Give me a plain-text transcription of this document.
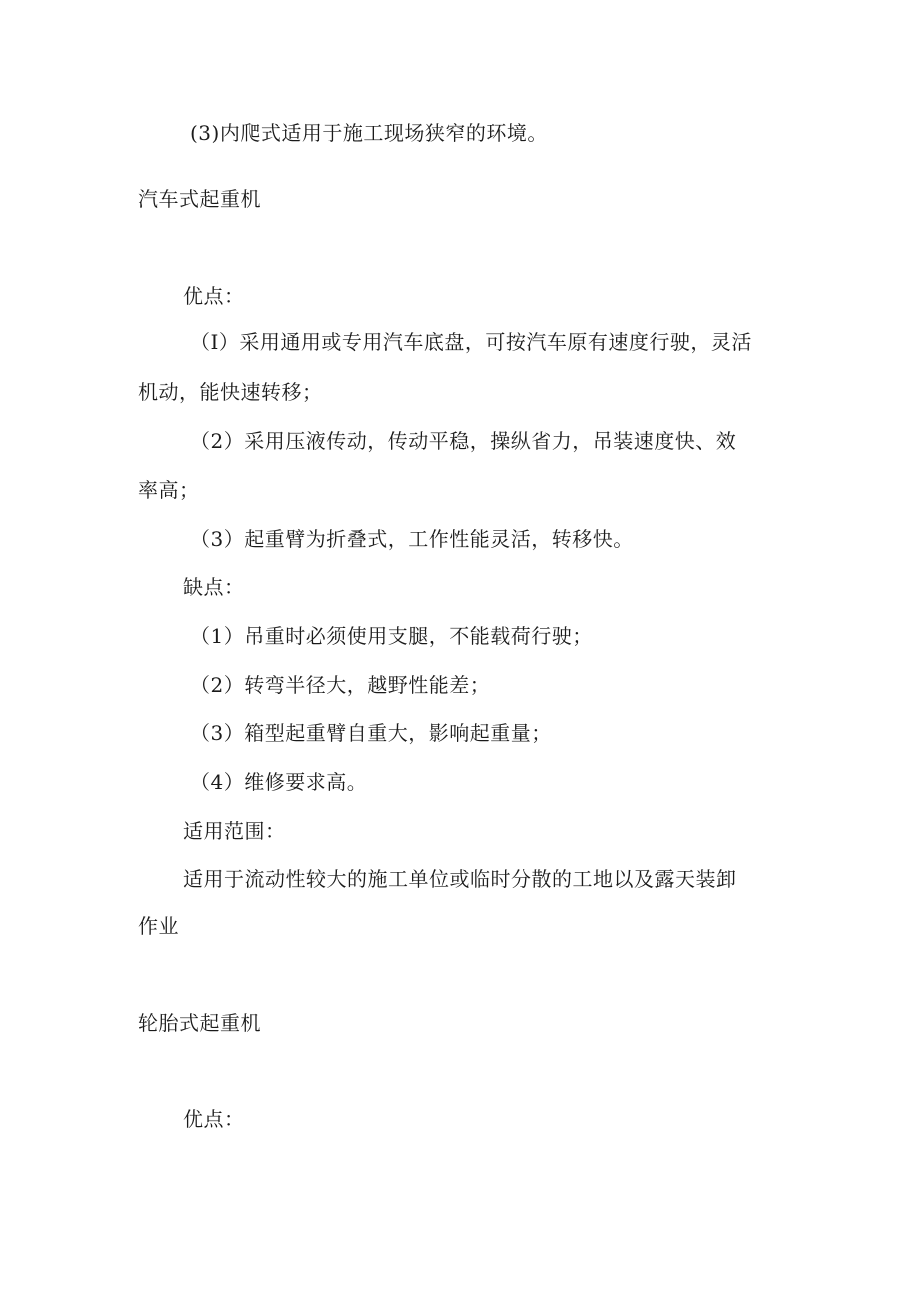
(3)内爬式适用于施工现场狭窄的环境。

汽车式起重机

优点：

（I）采用通用或专用汽车底盘，可按汽车原有速度行驶，灵活

机动，能快速转移；

（2）采用压液传动，传动平稳，操纵省力，吊装速度快、效

率高；

（3）起重臂为折叠式，工作性能灵活，转移快。

缺点：

（1）吊重时必须使用支腿，不能载荷行驶；

（2）转弯半径大，越野性能差；

（3）箱型起重臂自重大，影响起重量；

（4）维修要求高。

适用范围：

适用于流动性较大的施工单位或临时分散的工地以及露天装卸

作业

轮胎式起重机

优点：
